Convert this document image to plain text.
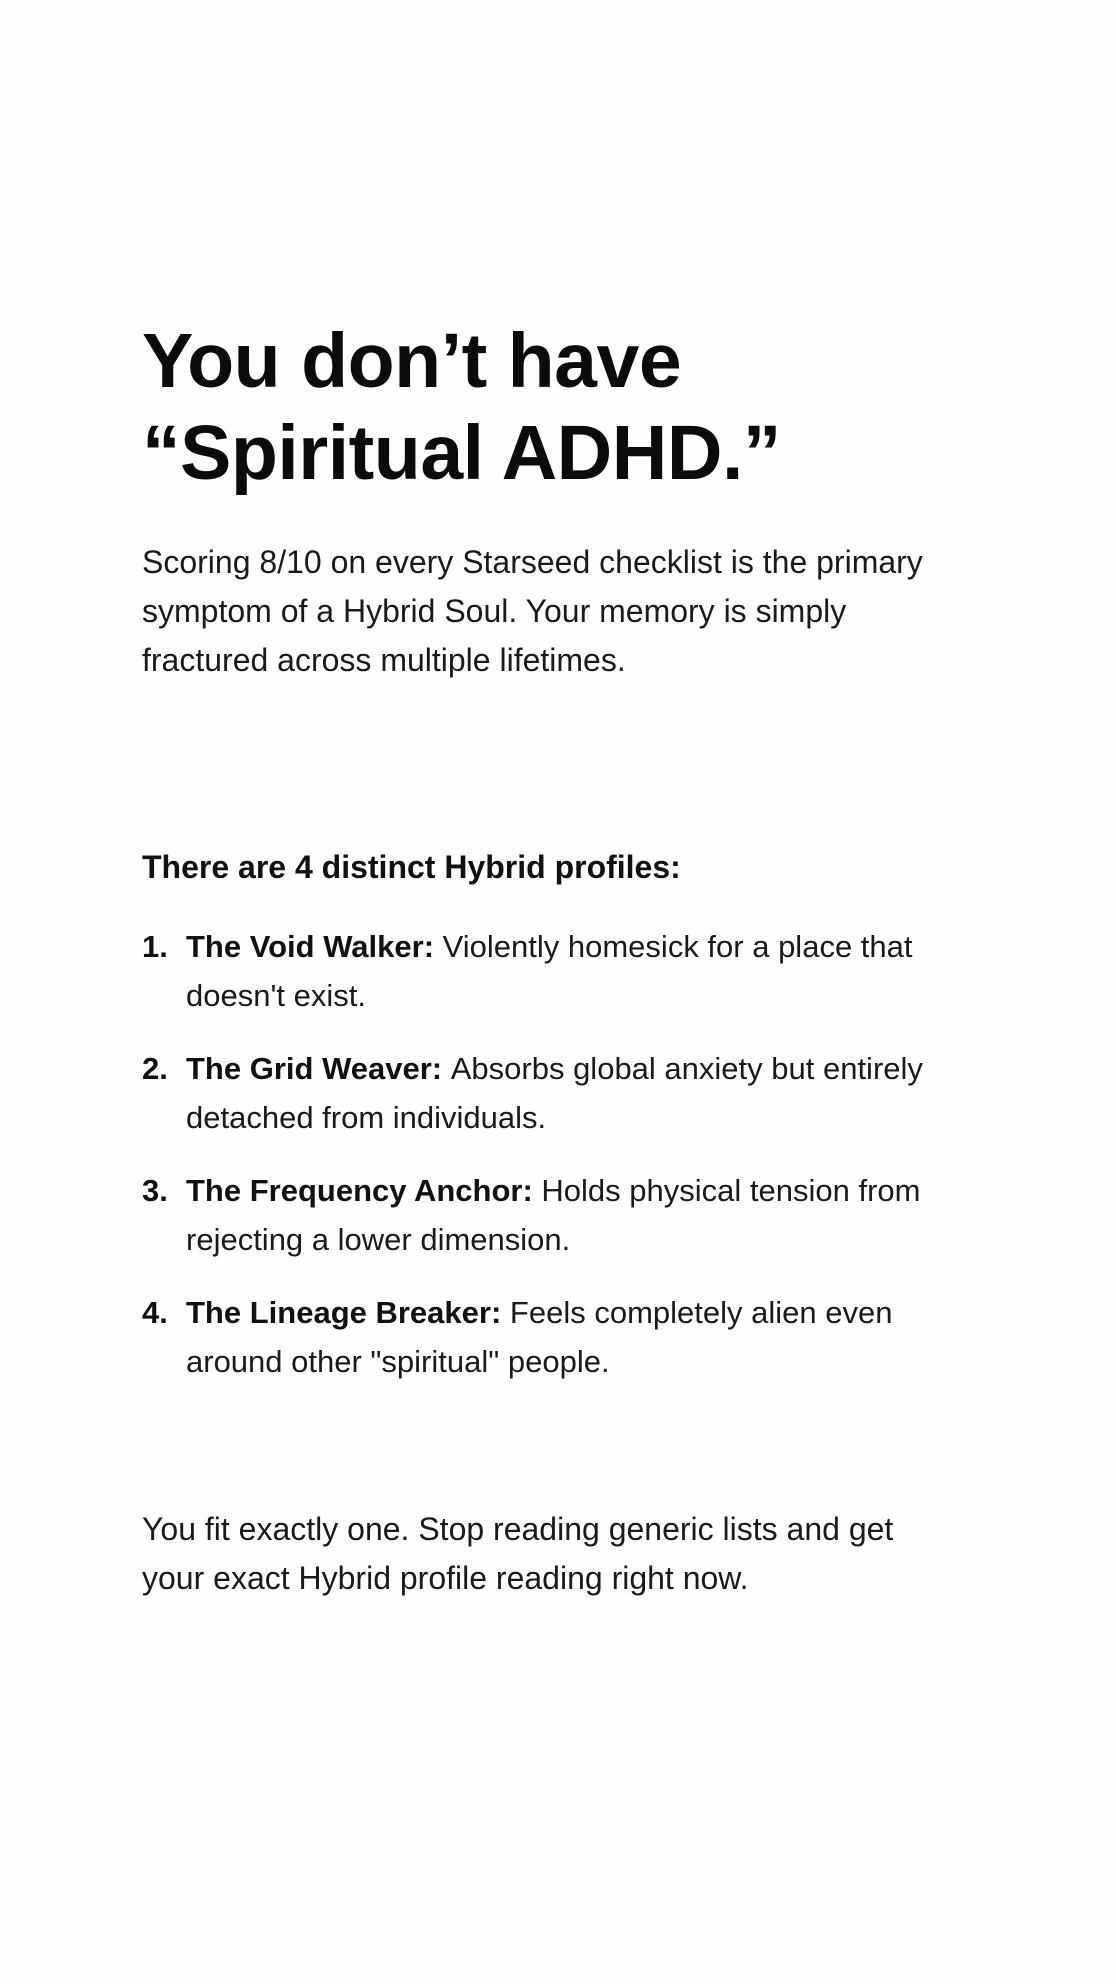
You don’t have
“Spiritual ADHD.”

Scoring 8/10 on every Starseed checklist is the primary symptom of a Hybrid Soul. Your memory is simply fractured across multiple lifetimes.

There are 4 distinct Hybrid profiles:
1. The Void Walker: Violently homesick for a place that doesn't exist.
2. The Grid Weaver: Absorbs global anxiety but entirely detached from individuals.
3. The Frequency Anchor: Holds physical tension from rejecting a lower dimension.
4. The Lineage Breaker: Feels completely alien even around other "spiritual" people.

You fit exactly one. Stop reading generic lists and get your exact Hybrid profile reading right now.
